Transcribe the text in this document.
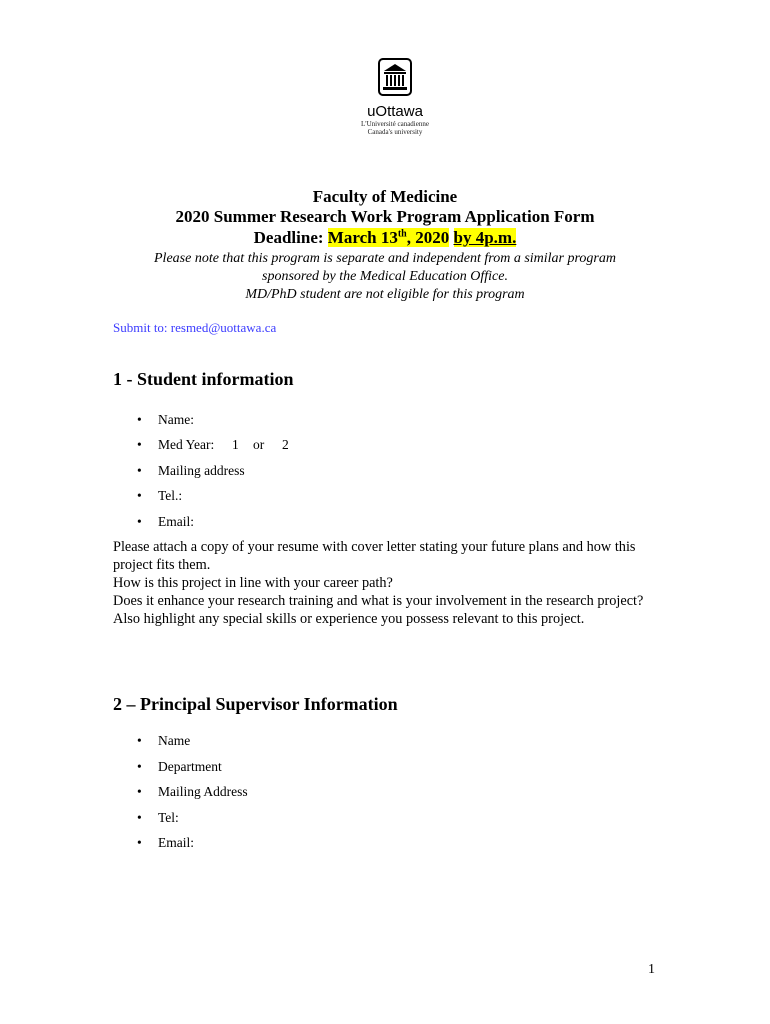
uOttawa
L'Université canadienne
Canada's university
Faculty of Medicine
2020 Summer Research Work Program Application Form
Deadline: March 13th, 2020 by 4p.m.
Please note that this program is separate and independent from a similar program
sponsored by the Medical Education Office.
MD/PhD student are not eligible for this program
Submit to: resmed@uottawa.ca
1 - Student information
• Name:
• Med Year: 1 or 2
• Mailing address
• Tel.:
• Email:
Please attach a copy of your resume with cover letter stating your future plans and how this project fits them.
How is this project in line with your career path?
Does it enhance your research training and what is your involvement in the research project?
Also highlight any special skills or experience you possess relevant to this project.
2 – Principal Supervisor Information
• Name
• Department
• Mailing Address
• Tel:
• Email:
1
